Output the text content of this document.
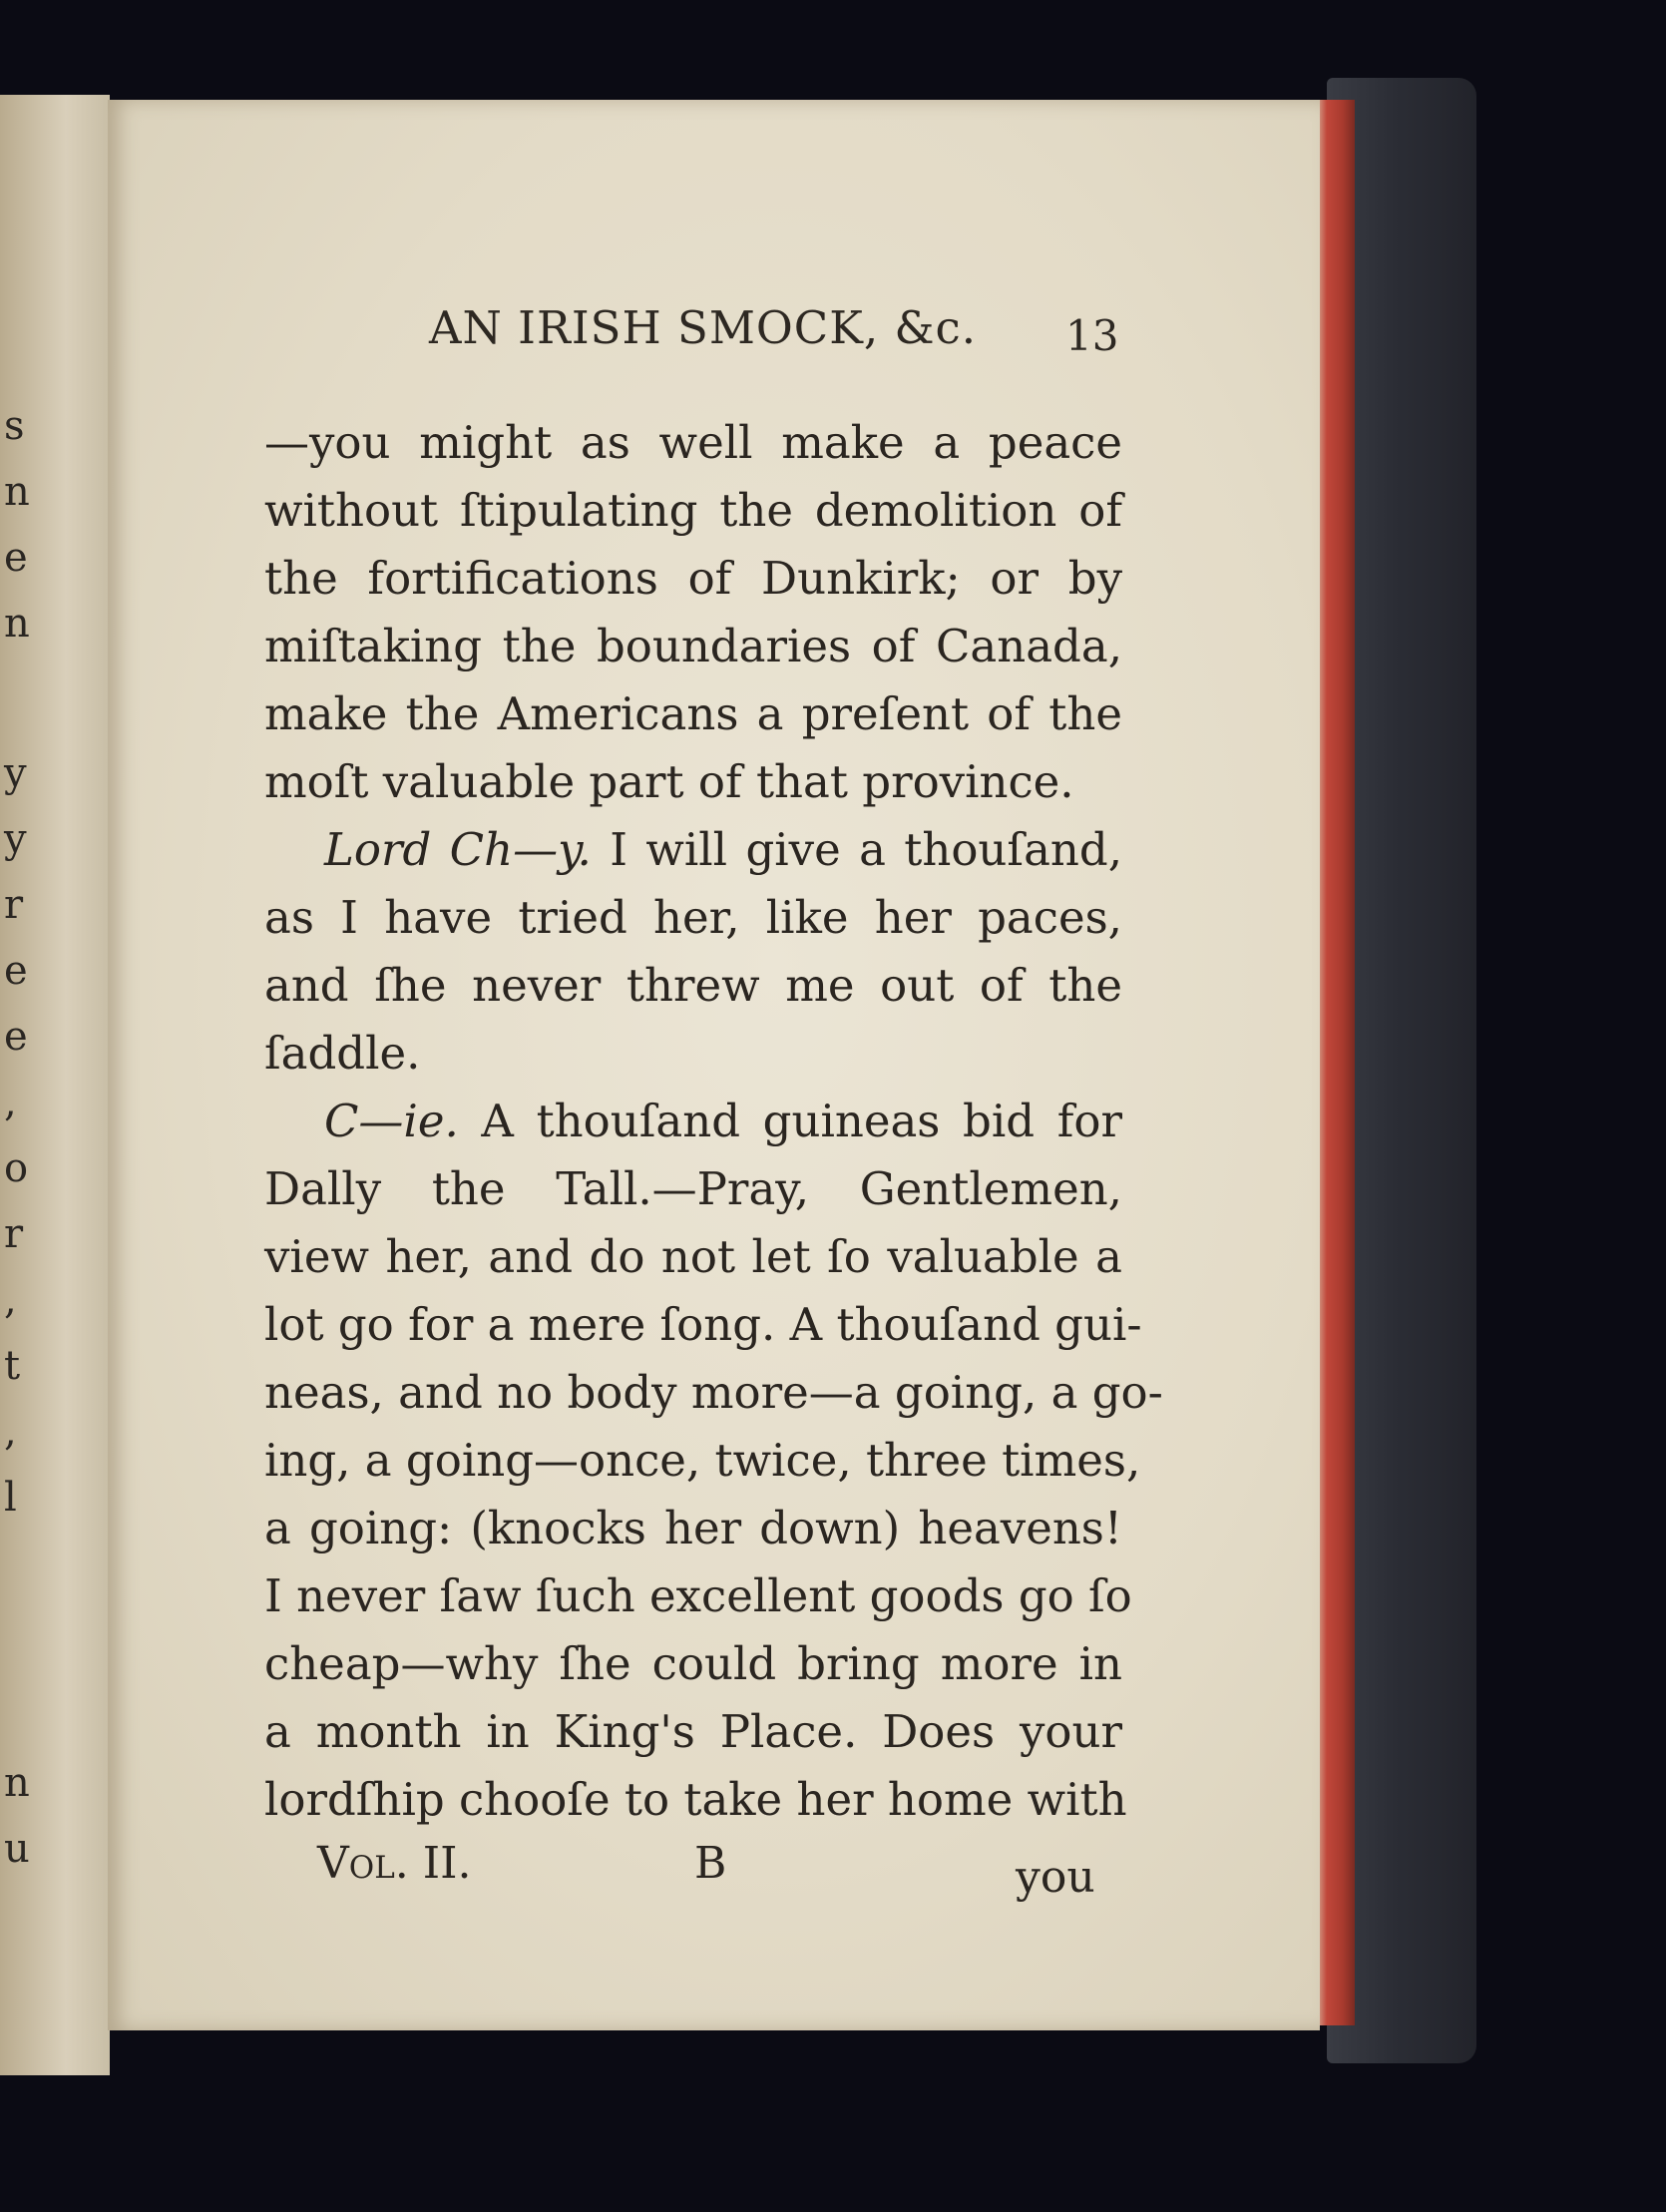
s
n
e
n
y
y
r
e
e
,
o
r
,
t
,
l
n
u
AN IRISH SMOCK, &c. 13
—you might as well make a peace
without ſtipulating the demolition of
the fortifications of Dunkirk; or by
miſtaking the boundaries of Canada,
make the Americans a preſent of the
moſt valuable part of that province.
Lord Ch—y. I will give a thouſand,
as I have tried her, like her paces,
and ſhe never threw me out of the
ſaddle.
C—ie. A thouſand guineas bid for
Dally the Tall.—Pray, Gentlemen,
view her, and do not let ſo valuable a
lot go for a mere ſong. A thouſand gui-
neas, and no body more—a going, a go-
ing, a going—once, twice, three times,
a going: (knocks her down) heavens!
I never ſaw ſuch excellent goods go ſo
cheap—why ſhe could bring more in
a month in King's Place. Does your
lordſhip chooſe to take her home with
Vol. II.	B	you
